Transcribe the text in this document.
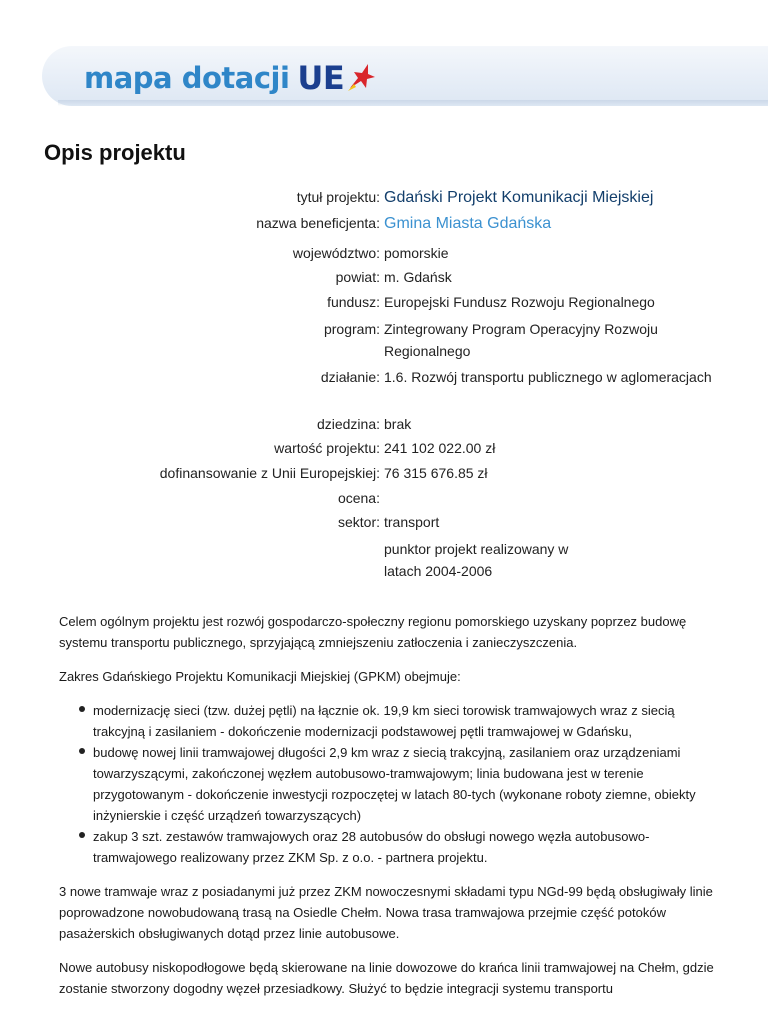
mapa dotacji UE
Opis projektu
tytuł projektu: Gdański Projekt Komunikacji Miejskiej
nazwa beneficjenta: Gmina Miasta Gdańska
województwo: pomorskie
powiat: m. Gdańsk
fundusz: Europejski Fundusz Rozwoju Regionalnego
program: Zintegrowany Program Operacyjny Rozwoju Regionalnego
działanie: 1.6. Rozwój transportu publicznego w aglomeracjach
dziedzina: brak
wartość projektu: 241 102 022.00 zł
dofinansowanie z Unii Europejskiej: 76 315 676.85 zł
ocena:
sektor: transport
punktor projekt realizowany w latach 2004-2006

Celem ogólnym projektu jest rozwój gospodarczo-społeczny regionu pomorskiego uzyskany poprzez budowę systemu transportu publicznego, sprzyjającą zmniejszeniu zatłoczenia i zanieczyszczenia.

Zakres Gdańskiego Projektu Komunikacji Miejskiej (GPKM) obejmuje:

modernizację sieci (tzw. dużej pętli) na łącznie ok. 19,9 km sieci torowisk tramwajowych wraz z siecią trakcyjną i zasilaniem - dokończenie modernizacji podstawowej pętli tramwajowej w Gdańsku,
budowę nowej linii tramwajowej długości 2,9 km wraz z siecią trakcyjną, zasilaniem oraz urządzeniami towarzyszącymi, zakończonej węzłem autobusowo-tramwajowym; linia budowana jest w terenie przygotowanym - dokończenie inwestycji rozpoczętej w latach 80-tych (wykonane roboty ziemne, obiekty inżynierskie i część urządzeń towarzyszących)
zakup 3 szt. zestawów tramwajowych oraz 28 autobusów do obsługi nowego węzła autobusowo-tramwajowego realizowany przez ZKM Sp. z o.o. - partnera projektu.

3 nowe tramwaje wraz z posiadanymi już przez ZKM nowoczesnymi składami typu NGd-99 będą obsługiwały linie poprowadzone nowobudowaną trasą na Osiedle Chełm. Nowa trasa tramwajowa przejmie część potoków pasażerskich obsługiwanych dotąd przez linie autobusowe.

Nowe autobusy niskopodłogowe będą skierowane na linie dowozowe do krańca linii tramwajowej na Chełm, gdzie zostanie stworzony dogodny węzeł przesiadkowy. Służyć to będzie integracji systemu transportu
